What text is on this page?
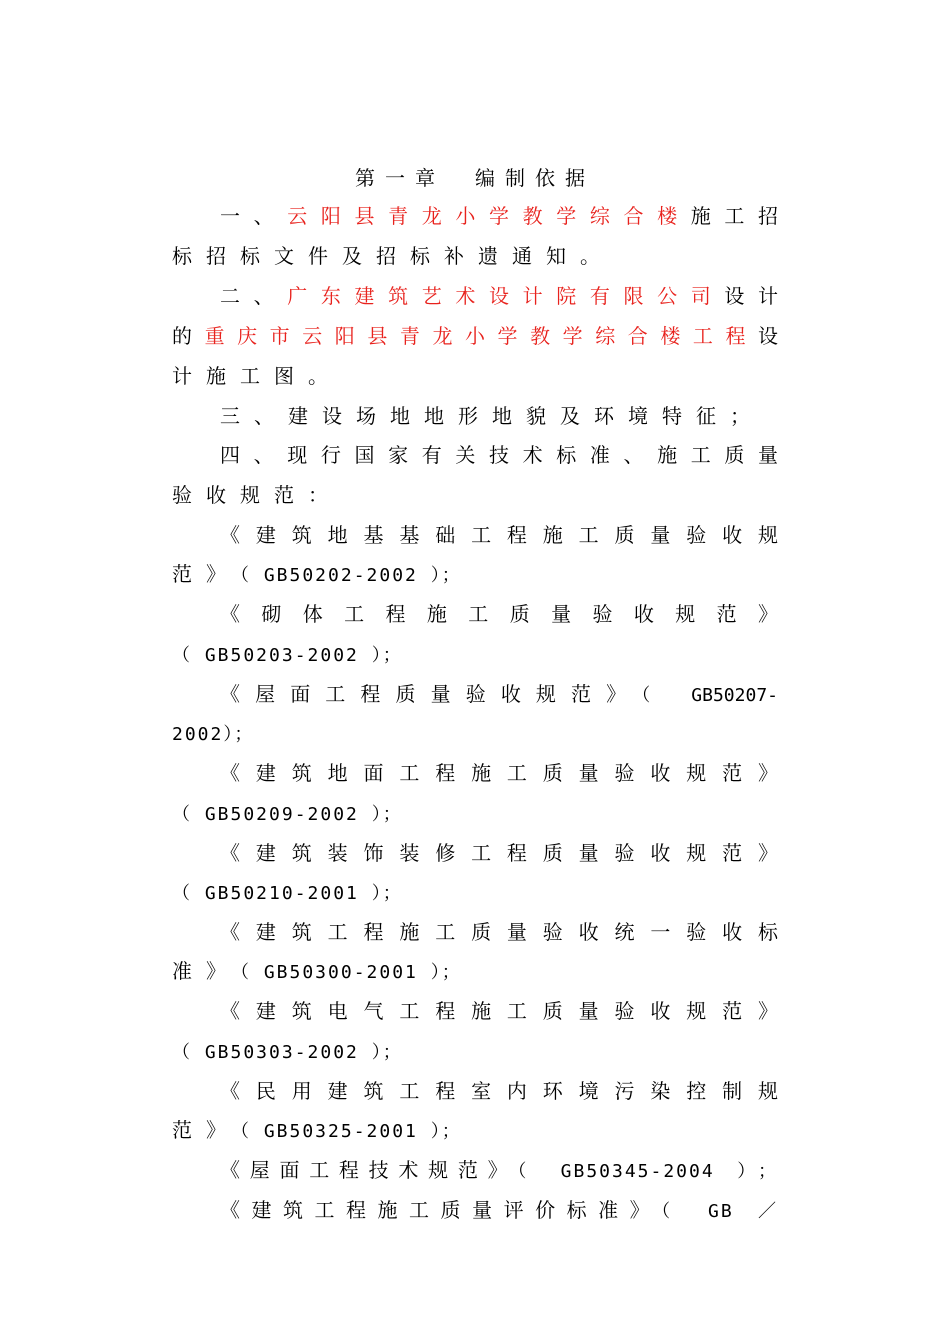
第一章　编制依据
一、云阳县青龙小学教学综合楼施工招
标招标文件及招标补遗通知。
二、广东建筑艺术设计院有限公司设计
的重庆市云阳县青龙小学教学综合楼工程设
计施工图。
三、建设场地地形地貌及环境特征；
四、现行国家有关技术标准、施工质量
验收规范：
《建筑地基基础工程施工质量验收规
范》（ GB50202-2002 ）；
《砌体工程施工质量验收规范》
（ GB50203-2002 ）；
《屋面工程质量验收规范》（ GB50207-
2002）；
《建筑地面工程施工质量验收规范》
（ GB50209-2002 ）；
《建筑装饰装修工程质量验收规范》
（ GB50210-2001 ）；
《建筑工程施工质量验收统一验收标
准》（ GB50300-2001 ）；
《建筑电气工程施工质量验收规范》
（ GB50303-2002 ）；
《民用建筑工程室内环境污染控制规
范》（ GB50325-2001 ）；
《屋面工程技术规范》（ GB50345-2004 ）；
《建筑工程施工质量评价标准》（ GB ／
